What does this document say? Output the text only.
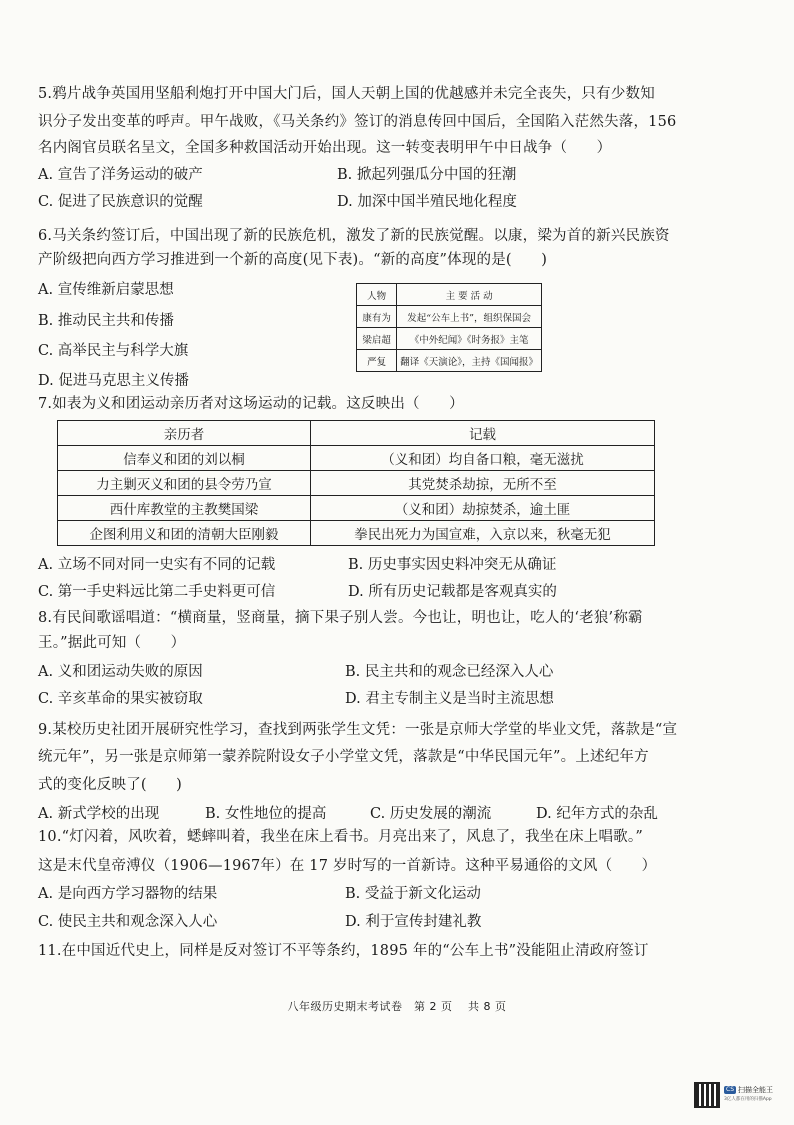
5.鸦片战争英国用坚船利炮打开中国大门后，国人天朝上国的优越感并未完全丧失，只有少数知
识分子发出变革的呼声。甲午战败，《马关条约》签订的消息传回中国后，全国陷入茫然失落，156
名内阁官员联名呈文，全国多种救国活动开始出现。这一转变表明甲午中日战争（　　）
A. 宣告了洋务运动的破产	B. 掀起列强瓜分中国的狂潮
C. 促进了民族意识的觉醒	D. 加深中国半殖民地化程度
6.马关条约签订后，中国出现了新的民族危机，激发了新的民族觉醒。以康，梁为首的新兴民族资
产阶级把向西方学习推进到一个新的高度(见下表)。“新的高度”体现的是(　　)
A. 宣传维新启蒙思想
B. 推动民主共和传播
C. 高举民主与科学大旗
D. 促进马克思主义传播
人物	主 要 活 动
康有为	发起“公车上书”，组织保国会
梁启超	《中外纪闻》《时务报》主笔
严复	翻译《天演论》，主持《国闻报》
7.如表为义和团运动亲历者对这场运动的记载。这反映出（　　）
亲历者	记载
信奉义和团的刘以桐	（义和团）均自备口粮，毫无滋扰
力主剿灭义和团的县令劳乃宣	其党焚杀劫掠，无所不至
西什库教堂的主教樊国梁	（义和团）劫掠焚杀，逾土匪
企图利用义和团的清朝大臣刚毅	拳民出死力为国宣难，入京以来，秋毫无犯
A. 立场不同对同一史实有不同的记载	B. 历史事实因史料冲突无从确证
C. 第一手史料远比第二手史料更可信	D. 所有历史记载都是客观真实的
8.有民间歌谣唱道：“横商量，竖商量，摘下果子别人尝。今也让，明也让，吃人的‘老狼’称霸
王。”据此可知（　　）
A. 义和团运动失败的原因	B. 民主共和的观念已经深入人心
C. 辛亥革命的果实被窃取	D. 君主专制主义是当时主流思想
9.某校历史社团开展研究性学习，查找到两张学生文凭：一张是京师大学堂的毕业文凭，落款是“宣
统元年”，另一张是京师第一蒙养院附设女子小学堂文凭，落款是“中华民国元年”。上述纪年方
式的变化反映了(　　)
A. 新式学校的出现	B. 女性地位的提高	C. 历史发展的潮流	D. 纪年方式的杂乱
10.“灯闪着，风吹着，蟋蟀叫着，我坐在床上看书。月亮出来了，风息了，我坐在床上唱歌。”
这是末代皇帝溥仪（1906—1967年）在 17 岁时写的一首新诗。这种平易通俗的文风（　　）
A. 是向西方学习器物的结果	B. 受益于新文化运动
C. 使民主共和观念深入人心	D. 利于宣传封建礼教
11.在中国近代史上，同样是反对签订不平等条约，1895 年的“公车上书”没能阻止清政府签订
八年级历史期末考试卷　第 2 页　 共 8 页
CS 扫描全能王
3亿人都在用的扫描App
